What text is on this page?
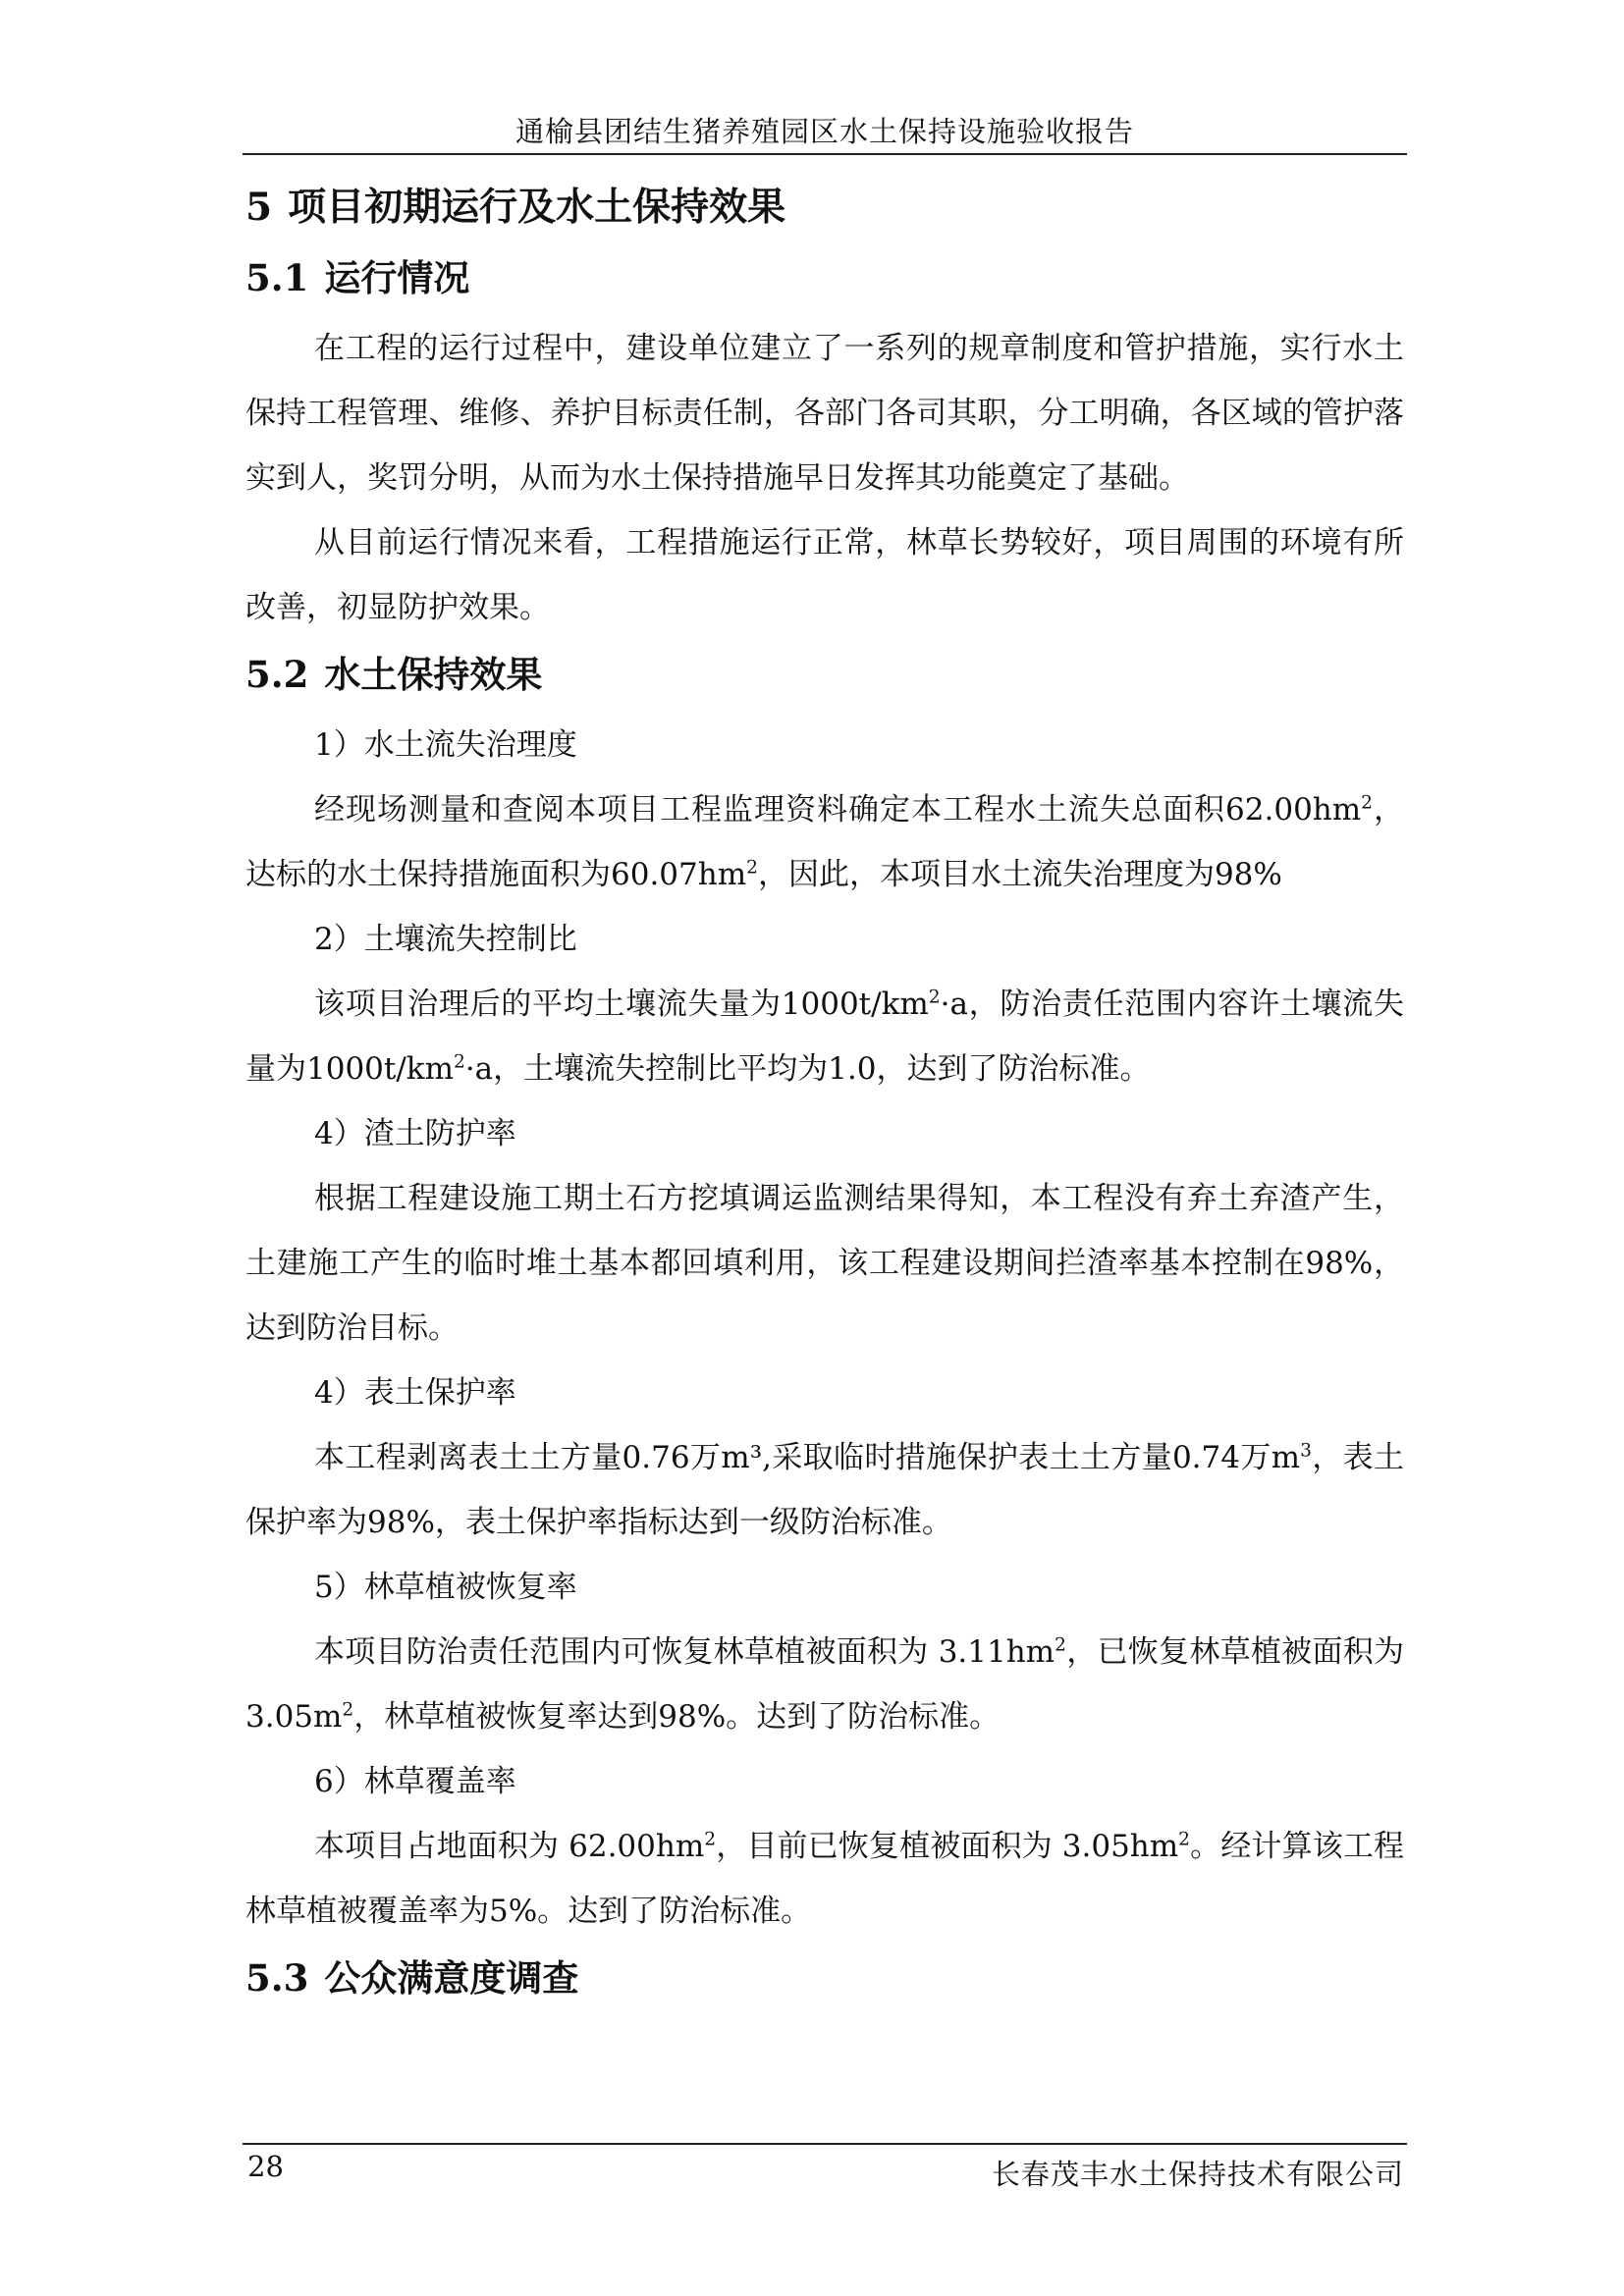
通榆县团结生猪养殖园区水土保持设施验收报告
5 项目初期运行及水土保持效果
5.1 运行情况

在工程的运行过程中，建设单位建立了一系列的规章制度和管护措施，实行水土保持工程管理、维修、养护目标责任制，各部门各司其职，分工明确，各区域的管护落实到人，奖罚分明，从而为水土保持措施早日发挥其功能奠定了基础。

从目前运行情况来看，工程措施运行正常，林草长势较好，项目周围的环境有所改善，初显防护效果。

5.2 水土保持效果

1）水土流失治理度

经现场测量和查阅本项目工程监理资料确定本工程水土流失总面积$62.00hm^2$，达标的水土保持措施面积为$60.07hm^2$，因此，本项目水土流失治理度为98%

2）土壤流失控制比

该项目治理后的平均土壤流失量为$1000t/km^2\cdot a$，防治责任范围内容许土壤流失量为$1000t/km^2\cdot a$，土壤流失控制比平均为1.0，达到了防治标准。

4）渣土防护率

根据工程建设施工期土石方挖填调运监测结果得知，本工程没有弃土弃渣产生，土建施工产生的临时堆土基本都回填利用，该工程建设期间拦渣率基本控制在98%，达到防治目标。

4）表土保护率

本工程剥离表土土方量0.76万m³,采取临时措施保护表土土方量0.74万$m^3$，表土保护率为98%，表土保护率指标达到一级防治标准。

5）林草植被恢复率

本项目防治责任范围内可恢复林草植被面积为 $3.11hm^2$，已恢复林草植被面积为$3.05m^2$，林草植被恢复率达到98%。达到了防治标准。

6）林草覆盖率

本项目占地面积为 $62.00hm^2$，目前已恢复植被面积为 $3.05hm^2$。经计算该工程林草植被覆盖率为5%。达到了防治标准。

5.3 公众满意度调查
28	长春茂丰水土保持技术有限公司
